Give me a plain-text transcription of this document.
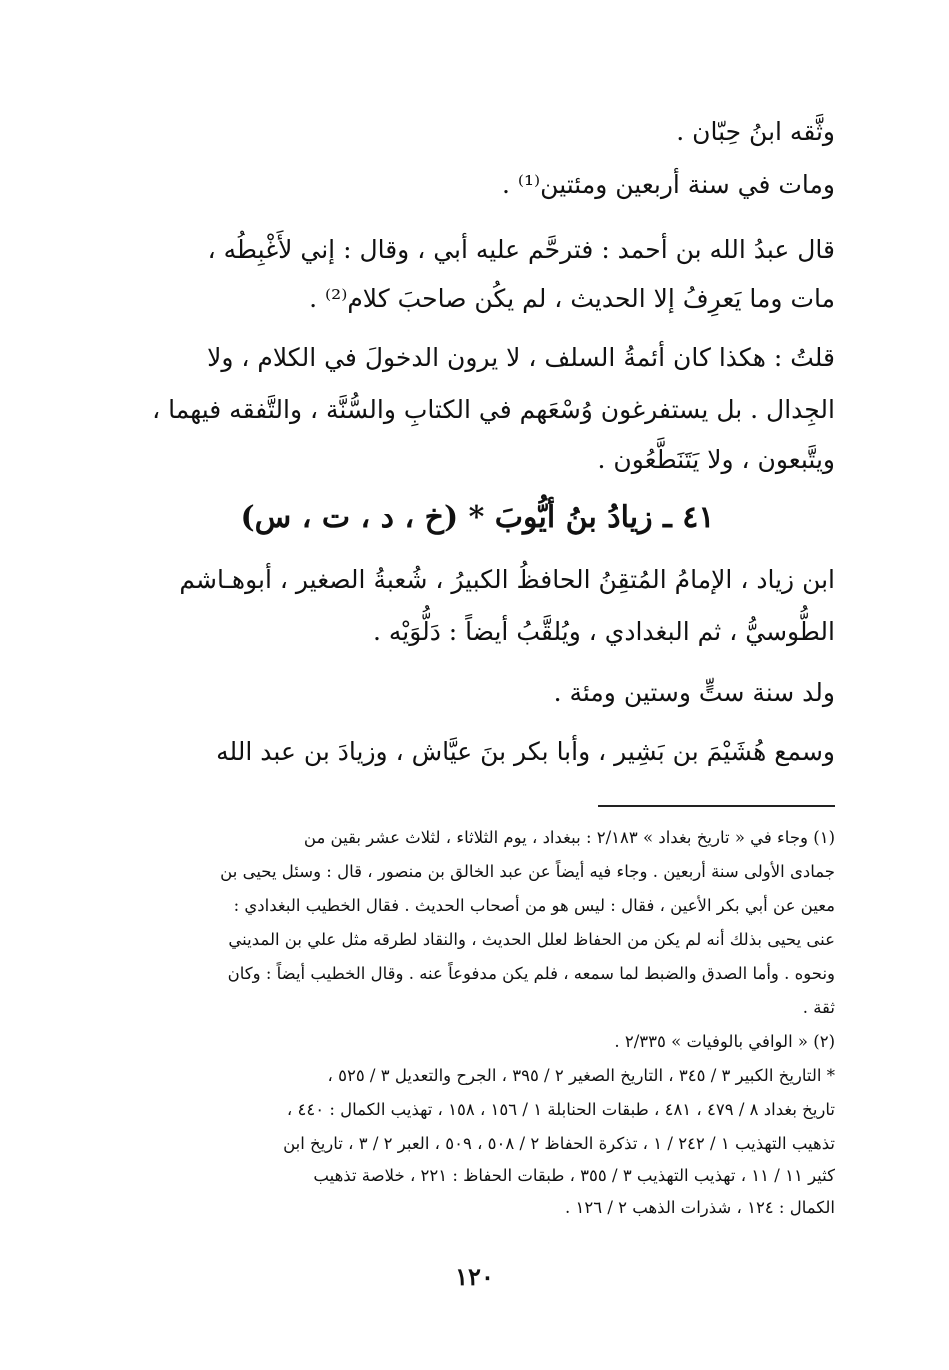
وثَّقه ابنُ حِبّان .
ومات في سنة أربعين ومئتين⁽¹⁾ .
قال عبدُ الله بن أحمد : فترحَّم عليه أبي ، وقال : إني لأَغْبِطُه ،
مات وما يَعرِفُ إلا الحديث ، لم يكُن صاحبَ كلام⁽²⁾ .
قلتُ : هكذا كان أئمةُ السلف ، لا يرون الدخولَ في الكلام ، ولا
الجِدال . بل يستفرغون وُسْعَهم في الكتابِ والسُّنَّة ، والتَّفقه فيهما ،
ويتَّبعون ، ولا يَتَنَطَّعُون .
٤١ ـ زيادُ بنُ أيُّوبَ * (خ ، د ، ت ، س)
ابن زياد ، الإمامُ المُتقِنُ الحافظُ الكبيرُ ، شُعبةُ الصغير ، أبوهـاشم
الطُّوسيُّ ، ثم البغدادي ، ويُلقَّبُ أيضاً : دَلُّوَيْه .
ولد سنة ستٍّ وستين ومئة .
وسمع هُشَيْمَ بن بَشِير ، وأبا بكر بنَ عيَّاش ، وزيادَ بن عبد الله
(١) وجاء في « تاريخ بغداد » ٢/١٨٣ : ببغداد ، يوم الثلاثاء ، لثلاث عشر بقين من
جمادى الأولى سنة أربعين . وجاء فيه أيضاً عن عبد الخالق بن منصور ، قال : وسئل يحيى بن
معين عن أبي بكر الأعين ، فقال : ليس هو من أصحاب الحديث . فقال الخطيب البغدادي :
عنى يحيى بذلك أنه لم يكن من الحفاظ لعلل الحديث ، والنقاد لطرقه مثل علي بن المديني
ونحوه . وأما الصدق والضبط لما سمعه ، فلم يكن مدفوعاً عنه . وقال الخطيب أيضاً : وكان
ثقة .
(٢) « الوافي بالوفيات » ٢/٣٣٥ .
* التاريخ الكبير ٣ / ٣٤٥ ، التاريخ الصغير ٢ / ٣٩٥ ، الجرح والتعديل ٣ / ٥٢٥ ،
تاريخ بغداد ٨ / ٤٧٩ ، ٤٨١ ، طبقات الحنابلة ١ / ١٥٦ ، ١٥٨ ، تهذيب الكمال : ٤٤٠ ،
تذهيب التهذيب ١ / ٢٤٢ / ١ ، تذكرة الحفاظ ٢ / ٥٠٨ ، ٥٠٩ ، العبر ٢ / ٣ ، تاريخ ابن
كثير ١١ / ١١ ، تهذيب التهذيب ٣ / ٣٥٥ ، طبقات الحفاظ : ٢٢١ ، خلاصة تذهيب
الكمال : ١٢٤ ، شذرات الذهب ٢ / ١٢٦ .
١٢٠
